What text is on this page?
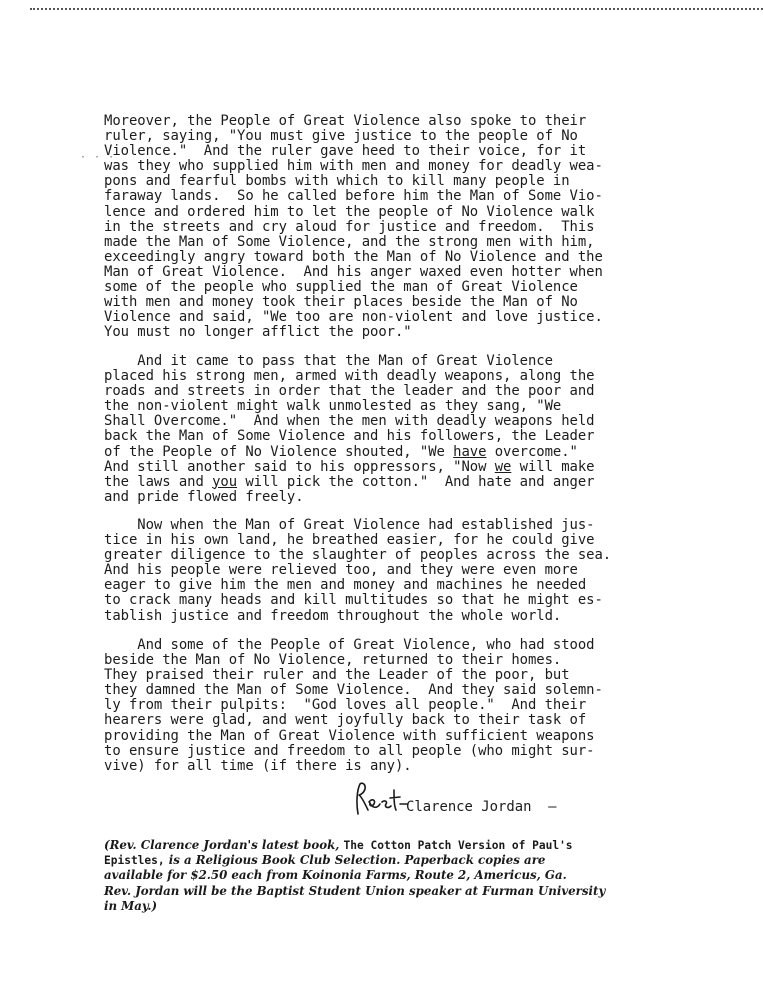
· · ·
Moreover, the People of Great Violence also spoke to their
ruler, saying, "You must give justice to the people of No
Violence."  And the ruler gave heed to their voice, for it
was they who supplied him with men and money for deadly wea-
pons and fearful bombs with which to kill many people in
faraway lands.  So he called before him the Man of Some Vio-
lence and ordered him to let the people of No Violence walk
in the streets and cry aloud for justice and freedom.  This
made the Man of Some Violence, and the strong men with him,
exceedingly angry toward both the Man of No Violence and the
Man of Great Violence.  And his anger waxed even hotter when
some of the people who supplied the man of Great Violence
with men and money took their places beside the Man of No
Violence and said, "We too are non-violent and love justice.
You must no longer afflict the poor."
And it came to pass that the Man of Great Violence
placed his strong men, armed with deadly weapons, along the
roads and streets in order that the leader and the poor and
the non-violent might walk unmolested as they sang, "We
Shall Overcome."  And when the men with deadly weapons held
back the Man of Some Violence and his followers, the Leader
of the People of No Violence shouted, "We have overcome."
And still another said to his oppressors, "Now we will make
the laws and you will pick the cotton."  And hate and anger
and pride flowed freely.
Now when the Man of Great Violence had established jus-
tice in his own land, he breathed easier, for he could give
greater diligence to the slaughter of peoples across the sea.
And his people were relieved too, and they were even more
eager to give him the men and money and machines he needed
to crack many heads and kill multitudes so that he might es-
tablish justice and freedom throughout the whole world.
And some of the People of Great Violence, who had stood
beside the Man of No Violence, returned to their homes.
They praised their ruler and the Leader of the poor, but
they damned the Man of Some Violence.  And they said solemn-
ly from their pulpits:  "God loves all people."  And their
hearers were glad, and went joyfully back to their task of
providing the Man of Great Violence with sufficient weapons
to ensure justice and freedom to all people (who might sur-
vive) for all time (if there is any).
Clarence Jordan  —
(Rev. Clarence Jordan's latest book, The Cotton Patch Version of Paul's
Epistles, is a Religious Book Club Selection. Paperback copies are
available for $2.50 each from Koinonia Farms, Route 2, Americus, Ga.
Rev. Jordan will be the Baptist Student Union speaker at Furman University
in May.)
